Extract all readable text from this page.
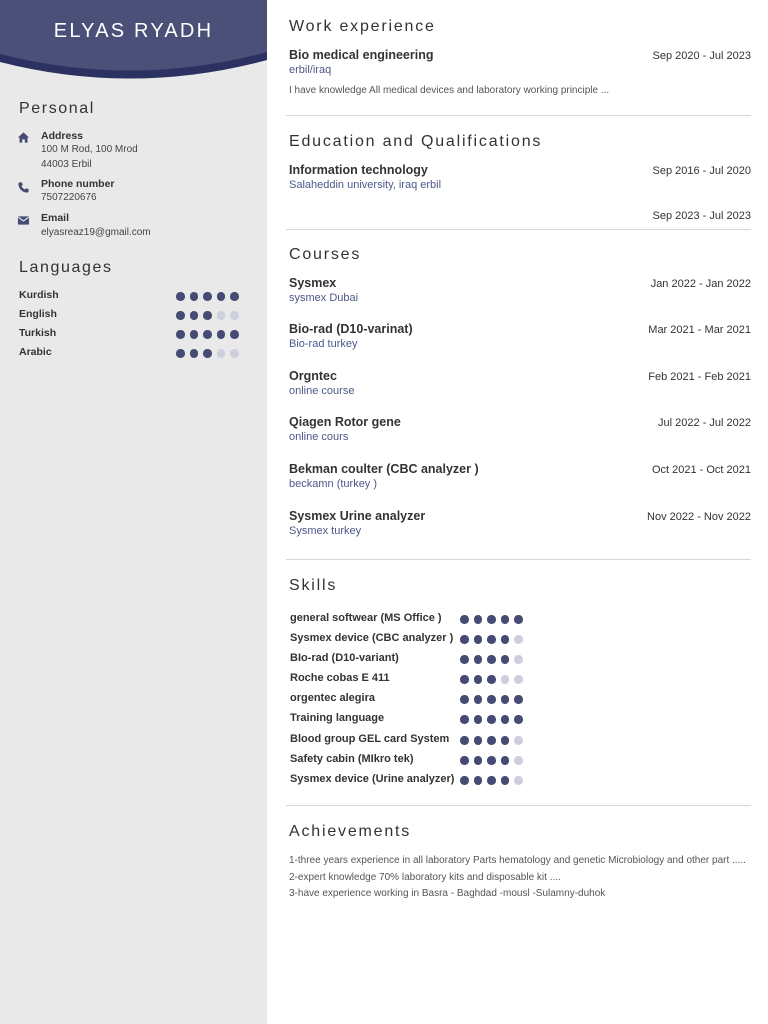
ELYAS RYADH
Personal
Address
100 M Rod, 100 Mrod
44003 Erbil
Phone number
7507220676
Email
elyasreaz19@gmail.com
Languages
Kurdish
English
Turkish
Arabic
Work experience
Bio medical engineering	Sep 2020 - Jul 2023
erbil/iraq
I have knowledge All medical devices and laboratory working principle ...
Education and Qualifications
Information technology	Sep 2016 - Jul 2020
Salaheddin university, iraq erbil
Sep 2023 - Jul 2023
Courses
Sysmex	Jan 2022 - Jan 2022
sysmex Dubai
Bio-rad (D10-varinat)	Mar 2021 - Mar 2021
Bio-rad turkey
Orgntec	Feb 2021 - Feb 2021
online course
Qiagen Rotor gene	Jul 2022 - Jul 2022
online cours
Bekman coulter (CBC analyzer )	Oct 2021 - Oct 2021
beckamn (turkey )
Sysmex Urine analyzer	Nov 2022 - Nov 2022
Sysmex turkey
Skills
general softwear (MS Office )
Sysmex device (CBC analyzer )
BIo-rad (D10-variant)
Roche cobas E 411
orgentec alegira
Training language
Blood group GEL card System
Safety cabin (MIkro tek)
Sysmex device (Urine analyzer)
Achievements
1-three years experience in all laboratory Parts hematology and genetic Microbiology and other part .....
2-expert knowledge 70% laboratory kits and disposable kit ....
3-have experience working in Basra - Baghdad -mousl -Sulamny-duhok
